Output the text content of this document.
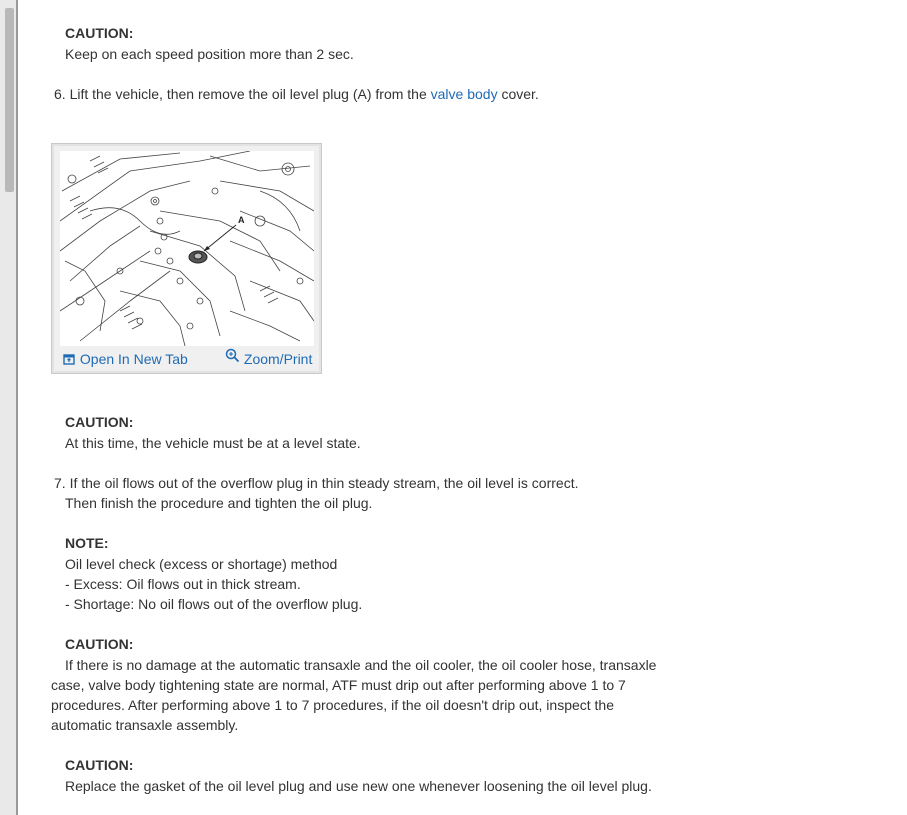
CAUTION:
Keep on each speed position more than 2 sec.
6. Lift the vehicle, then remove the oil level plug (A) from the valve body cover.
A
Open In New Tab	Zoom/Print
CAUTION:
At this time, the vehicle must be at a level state.
7. If the oil flows out of the overflow plug in thin steady stream, the oil level is correct.
Then finish the procedure and tighten the oil plug.
NOTE:
Oil level check (excess or shortage) method
- Excess: Oil flows out in thick stream.
- Shortage: No oil flows out of the overflow plug.
CAUTION:
If there is no damage at the automatic transaxle and the oil cooler, the oil cooler hose, transaxle
case, valve body tightening state are normal, ATF must drip out after performing above 1 to 7
procedures. After performing above 1 to 7 procedures, if the oil doesn't drip out, inspect the
automatic transaxle assembly.
CAUTION:
Replace the gasket of the oil level plug and use new one whenever loosening the oil level plug.
